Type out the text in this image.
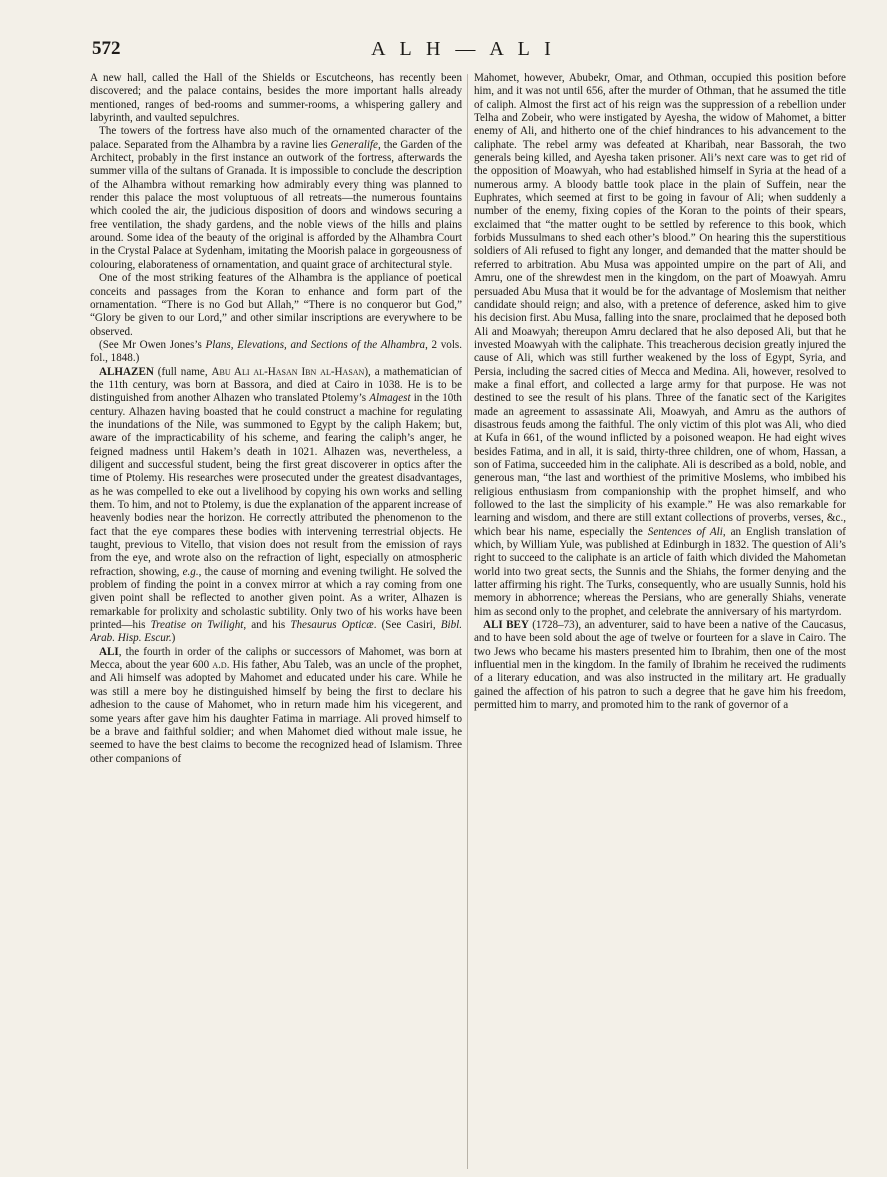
572	A L H — A L I

A new hall, called the Hall of the Shields or Escutcheons, has recently been discovered; and the palace contains, besides the more important halls already mentioned, ranges of bed-rooms and summer-rooms, a whispering gallery and labyrinth, and vaulted sepulchres.

The towers of the fortress have also much of the ornamented character of the palace. Separated from the Alhambra by a ravine lies Generalife, the Garden of the Architect, probably in the first instance an outwork of the fortress, afterwards the summer villa of the sultans of Granada. It is impossible to conclude the description of the Alhambra without remarking how admirably every thing was planned to render this palace the most voluptuous of all retreats—the numerous fountains which cooled the air, the judicious disposition of doors and windows securing a free ventilation, the shady gardens, and the noble views of the hills and plains around. Some idea of the beauty of the original is afforded by the Alhambra Court in the Crystal Palace at Sydenham, imitating the Moorish palace in gorgeousness of colouring, elaborateness of ornamentation, and quaint grace of architectural style.

One of the most striking features of the Alhambra is the appliance of poetical conceits and passages from the Koran to enhance and form part of the ornamentation. “There is no God but Allah,” “There is no conqueror but God,” “Glory be given to our Lord,” and other similar inscriptions are everywhere to be observed.

(See Mr Owen Jones’s Plans, Elevations, and Sections of the Alhambra, 2 vols. fol., 1848.)

ALHAZEN (full name, Abu Ali al-Hasan Ibn al-Hasan), a mathematician of the 11th century, was born at Bassora, and died at Cairo in 1038. He is to be distinguished from another Alhazen who translated Ptolemy’s Almagest in the 10th century. Alhazen having boasted that he could construct a machine for regulating the inundations of the Nile, was summoned to Egypt by the caliph Hakem; but, aware of the impracticability of his scheme, and fearing the caliph’s anger, he feigned madness until Hakem’s death in 1021. Alhazen was, nevertheless, a diligent and successful student, being the first great discoverer in optics after the time of Ptolemy. His researches were prosecuted under the greatest disadvantages, as he was compelled to eke out a livelihood by copying his own works and selling them. To him, and not to Ptolemy, is due the explanation of the apparent increase of heavenly bodies near the horizon. He correctly attributed the phenomenon to the fact that the eye compares these bodies with intervening terrestrial objects. He taught, previous to Vitello, that vision does not result from the emission of rays from the eye, and wrote also on the refraction of light, especially on atmospheric refraction, showing, e.g., the cause of morning and evening twilight. He solved the problem of finding the point in a convex mirror at which a ray coming from one given point shall be reflected to another given point. As a writer, Alhazen is remarkable for prolixity and scholastic subtility. Only two of his works have been printed—his Treatise on Twilight, and his Thesaurus Opticæ. (See Casiri, Bibl. Arab. Hisp. Escur.)

ALI, the fourth in order of the caliphs or successors of Mahomet, was born at Mecca, about the year 600 a.d. His father, Abu Taleb, was an uncle of the prophet, and Ali himself was adopted by Mahomet and educated under his care. While he was still a mere boy he distinguished himself by being the first to declare his adhesion to the cause of Mahomet, who in return made him his vicegerent, and some years after gave him his daughter Fatima in marriage. Ali proved himself to be a brave and faithful soldier; and when Mahomet died without male issue, he seemed to have the best claims to become the recognized head of Islamism. Three other companions of

Mahomet, however, Abubekr, Omar, and Othman, occupied this position before him, and it was not until 656, after the murder of Othman, that he assumed the title of caliph. Almost the first act of his reign was the suppression of a rebellion under Telha and Zobeir, who were instigated by Ayesha, the widow of Mahomet, a bitter enemy of Ali, and hitherto one of the chief hindrances to his advancement to the caliphate. The rebel army was defeated at Kharibah, near Bassorah, the two generals being killed, and Ayesha taken prisoner. Ali’s next care was to get rid of the opposition of Moawyah, who had established himself in Syria at the head of a numerous army. A bloody battle took place in the plain of Suffein, near the Euphrates, which seemed at first to be going in favour of Ali; when suddenly a number of the enemy, fixing copies of the Koran to the points of their spears, exclaimed that “the matter ought to be settled by reference to this book, which forbids Mussulmans to shed each other’s blood.” On hearing this the superstitious soldiers of Ali refused to fight any longer, and demanded that the matter should be referred to arbitration. Abu Musa was appointed umpire on the part of Ali, and Amru, one of the shrewdest men in the kingdom, on the part of Moawyah. Amru persuaded Abu Musa that it would be for the advantage of Moslemism that neither candidate should reign; and also, with a pretence of deference, asked him to give his decision first. Abu Musa, falling into the snare, proclaimed that he deposed both Ali and Moawyah; thereupon Amru declared that he also deposed Ali, but that he invested Moawyah with the caliphate. This treacherous decision greatly injured the cause of Ali, which was still further weakened by the loss of Egypt, Syria, and Persia, including the sacred cities of Mecca and Medina. Ali, however, resolved to make a final effort, and collected a large army for that purpose. He was not destined to see the result of his plans. Three of the fanatic sect of the Karigites made an agreement to assassinate Ali, Moawyah, and Amru as the authors of disastrous feuds among the faithful. The only victim of this plot was Ali, who died at Kufa in 661, of the wound inflicted by a poisoned weapon. He had eight wives besides Fatima, and in all, it is said, thirty-three children, one of whom, Hassan, a son of Fatima, succeeded him in the caliphate. Ali is described as a bold, noble, and generous man, “the last and worthiest of the primitive Moslems, who imbibed his religious enthusiasm from companionship with the prophet himself, and who followed to the last the simplicity of his example.” He was also remarkable for learning and wisdom, and there are still extant collections of proverbs, verses, &c., which bear his name, especially the Sentences of Ali, an English translation of which, by William Yule, was published at Edinburgh in 1832. The question of Ali’s right to succeed to the caliphate is an article of faith which divided the Mahometan world into two great sects, the Sunnis and the Shiahs, the former denying and the latter affirming his right. The Turks, consequently, who are usually Sunnis, hold his memory in abhorrence; whereas the Persians, who are generally Shiahs, venerate him as second only to the prophet, and celebrate the anniversary of his martyrdom.

ALI BEY (1728–73), an adventurer, said to have been a native of the Caucasus, and to have been sold about the age of twelve or fourteen for a slave in Cairo. The two Jews who became his masters presented him to Ibrahim, then one of the most influential men in the kingdom. In the family of Ibrahim he received the rudiments of a literary education, and was also instructed in the military art. He gradually gained the affection of his patron to such a degree that he gave him his freedom, permitted him to marry, and promoted him to the rank of governor of a
